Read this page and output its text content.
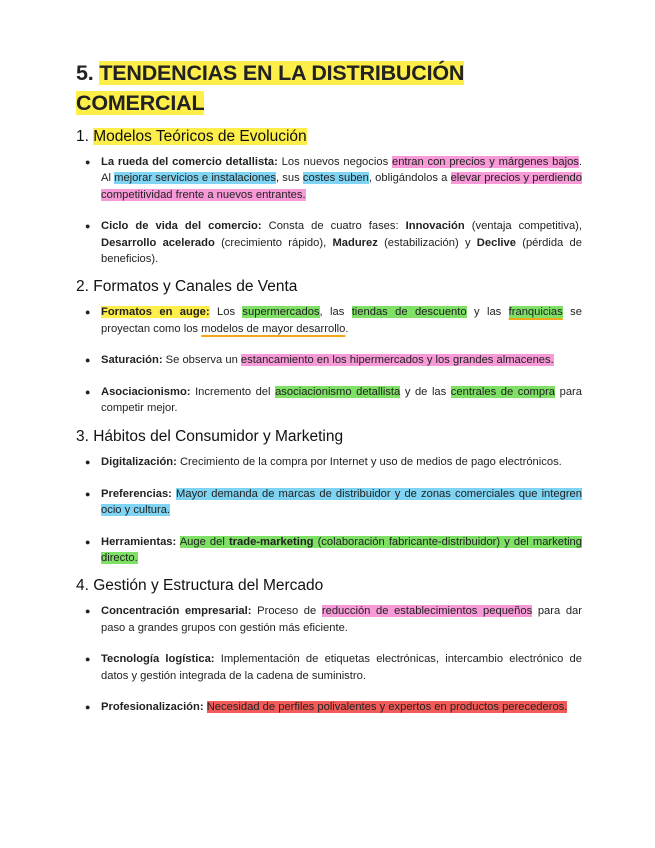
5. TENDENCIAS EN LA DISTRIBUCIÓN COMERCIAL
1. Modelos Teóricos de Evolución
● La rueda del comercio detallista: Los nuevos negocios entran con precios y márgenes bajos. Al mejorar servicios e instalaciones, sus costes suben, obligándolos a elevar precios y perdiendo competitividad frente a nuevos entrantes.
● Ciclo de vida del comercio: Consta de cuatro fases: Innovación (ventaja competitiva), Desarrollo acelerado (crecimiento rápido), Madurez (estabilización) y Declive (pérdida de beneficios).
2. Formatos y Canales de Venta
● Formatos en auge: Los supermercados, las tiendas de descuento y las franquicias se proyectan como los modelos de mayor desarrollo.
● Saturación: Se observa un estancamiento en los hipermercados y los grandes almacenes.
● Asociacionismo: Incremento del asociacionismo detallista y de las centrales de compra para competir mejor.
3. Hábitos del Consumidor y Marketing
● Digitalización: Crecimiento de la compra por Internet y uso de medios de pago electrónicos.
● Preferencias: Mayor demanda de marcas de distribuidor y de zonas comerciales que integren ocio y cultura.
● Herramientas: Auge del trade-marketing (colaboración fabricante-distribuidor) y del marketing directo.
4. Gestión y Estructura del Mercado
● Concentración empresarial: Proceso de reducción de establecimientos pequeños para dar paso a grandes grupos con gestión más eficiente.
● Tecnología logística: Implementación de etiquetas electrónicas, intercambio electrónico de datos y gestión integrada de la cadena de suministro.
● Profesionalización: Necesidad de perfiles polivalentes y expertos en productos perecederos.
